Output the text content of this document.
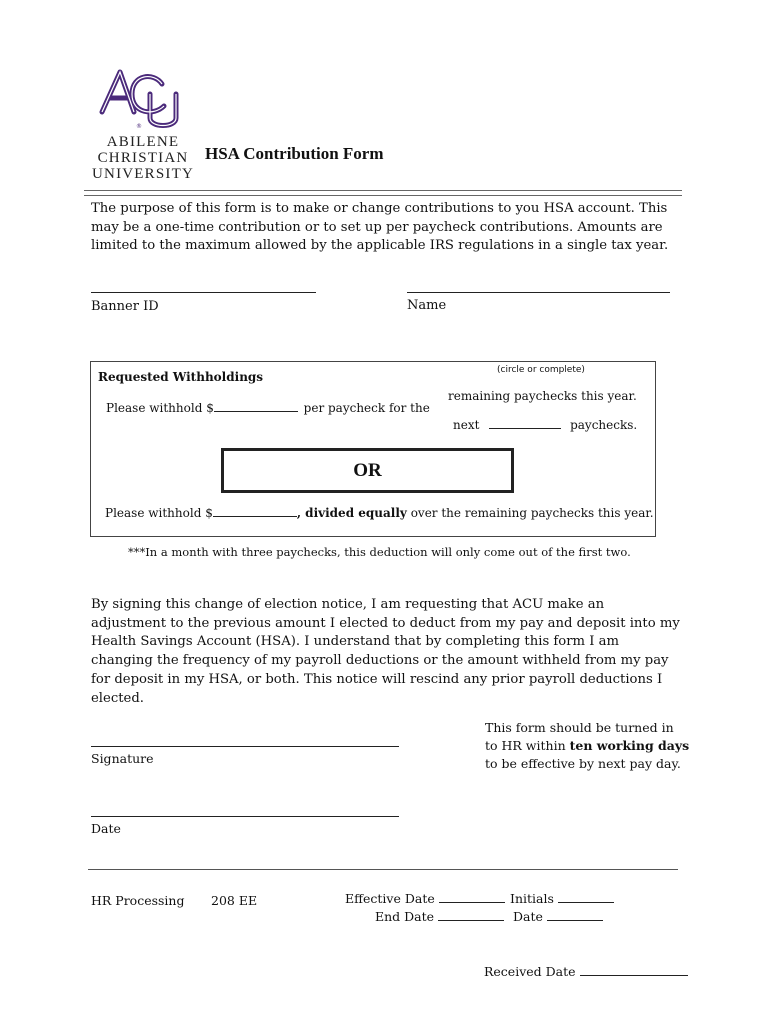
®
ABILENE
CHRISTIAN
UNIVERSITY
HSA Contribution Form
The purpose of this form is to make or change contributions to you HSA account. This may be a one-time contribution or to set up per paycheck contributions. Amounts are limited to the maximum allowed by the applicable IRS regulations in a single tax year.
Banner ID	Name
Requested Withholdings	(circle or complete)
Please withhold $	per paycheck for the
remaining paychecks this year.
next	paychecks.
OR
Please withhold $	, divided equally over the remaining paychecks this year.
***In a month with three paychecks, this deduction will only come out of the first two.
By signing this change of election notice, I am requesting that ACU make an adjustment to the previous amount I elected to deduct from my pay and deposit into my Health Savings Account (HSA). I understand that by completing this form I am changing the frequency of my payroll deductions or the amount withheld from my pay for deposit in my HSA, or both. This notice will rescind any prior payroll deductions I elected.
Signature
Date
This form should be turned in
to HR within ten working days
to be effective by next pay day.
HR Processing 208 EE	Effective Date	Initials
End Date	Date
Received Date
